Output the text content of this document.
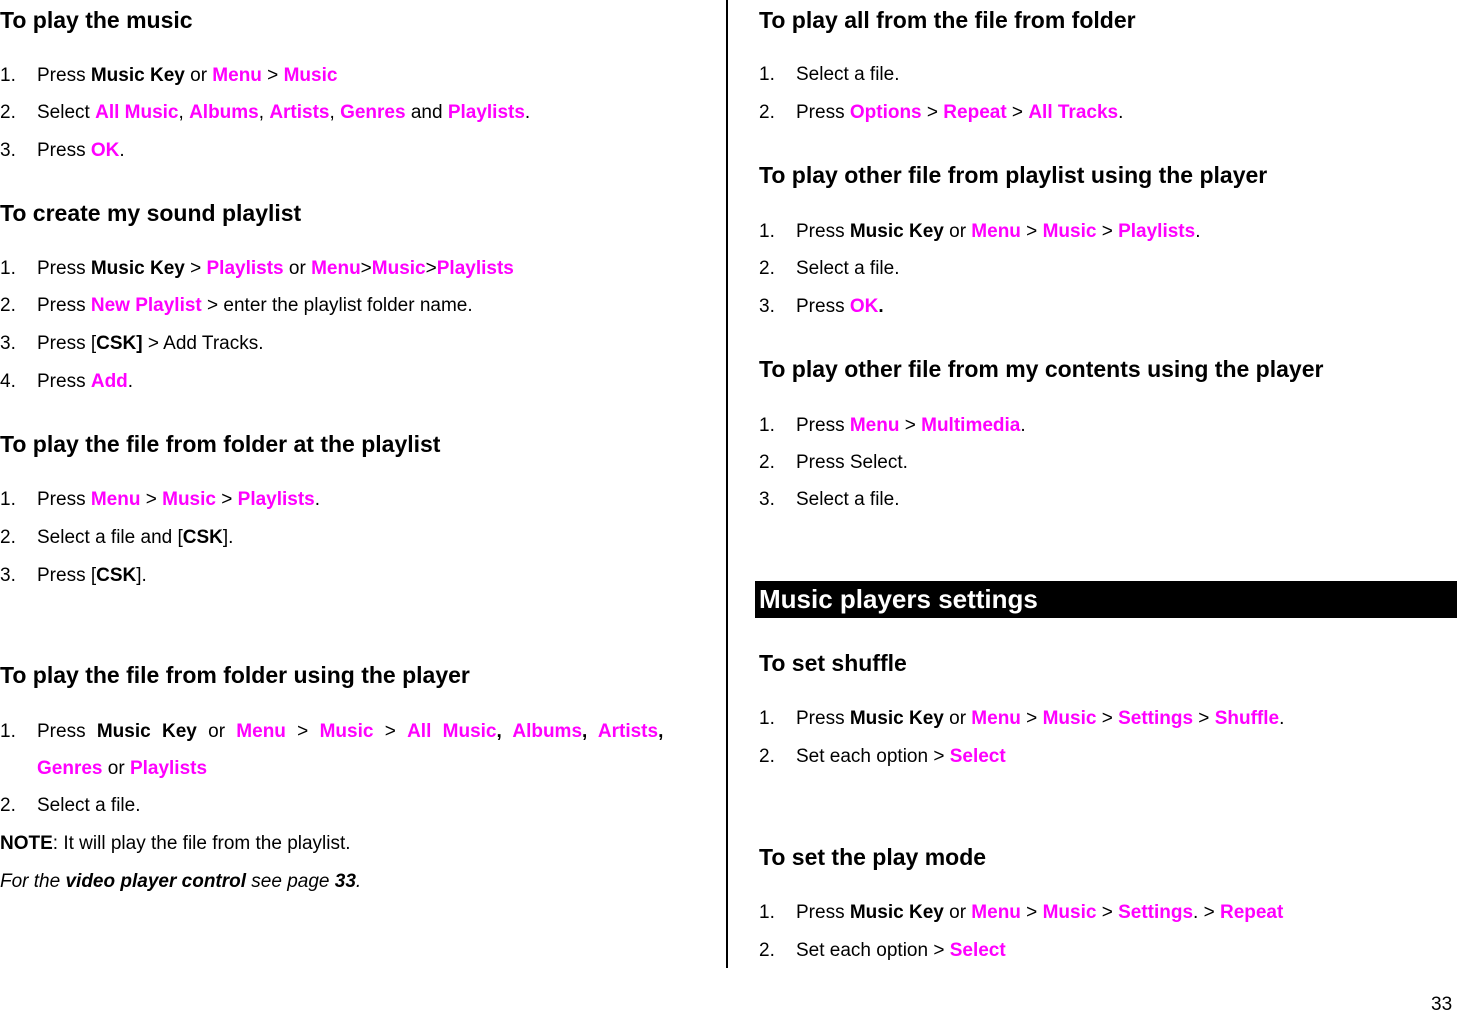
To play the music
1. Press Music Key or Menu > Music
2. Select All Music, Albums, Artists, Genres and Playlists.
3. Press OK.
To create my sound playlist
1. Press Music Key > Playlists or Menu>Music>Playlists
2. Press New Playlist > enter the playlist folder name.
3. Press [CSK] > Add Tracks.
4. Press Add.
To play the file from folder at the playlist
1. Press Menu > Music > Playlists.
2. Select a file and [CSK].
3. Press [CSK].
To play the file from folder using the player
1. Press Music Key or Menu > Music > All Music, Albums, Artists,
Genres or Playlists
2. Select a file.
NOTE: It will play the file from the playlist.
For the video player control see page 33.
To play all from the file from folder
1. Select a file.
2. Press Options > Repeat > All Tracks.
To play other file from playlist using the player
1. Press Music Key or Menu > Music > Playlists.
2. Select a file.
3. Press OK.
To play other file from my contents using the player
1. Press Menu > Multimedia.
2. Press Select.
3. Select a file.
To set shuffle
1. Press Music Key or Menu > Music > Settings > Shuffle.
2. Set each option > Select
To set the play mode
1. Press Music Key or Menu > Music > Settings. > Repeat
2. Set each option > Select
Music players settings
33
